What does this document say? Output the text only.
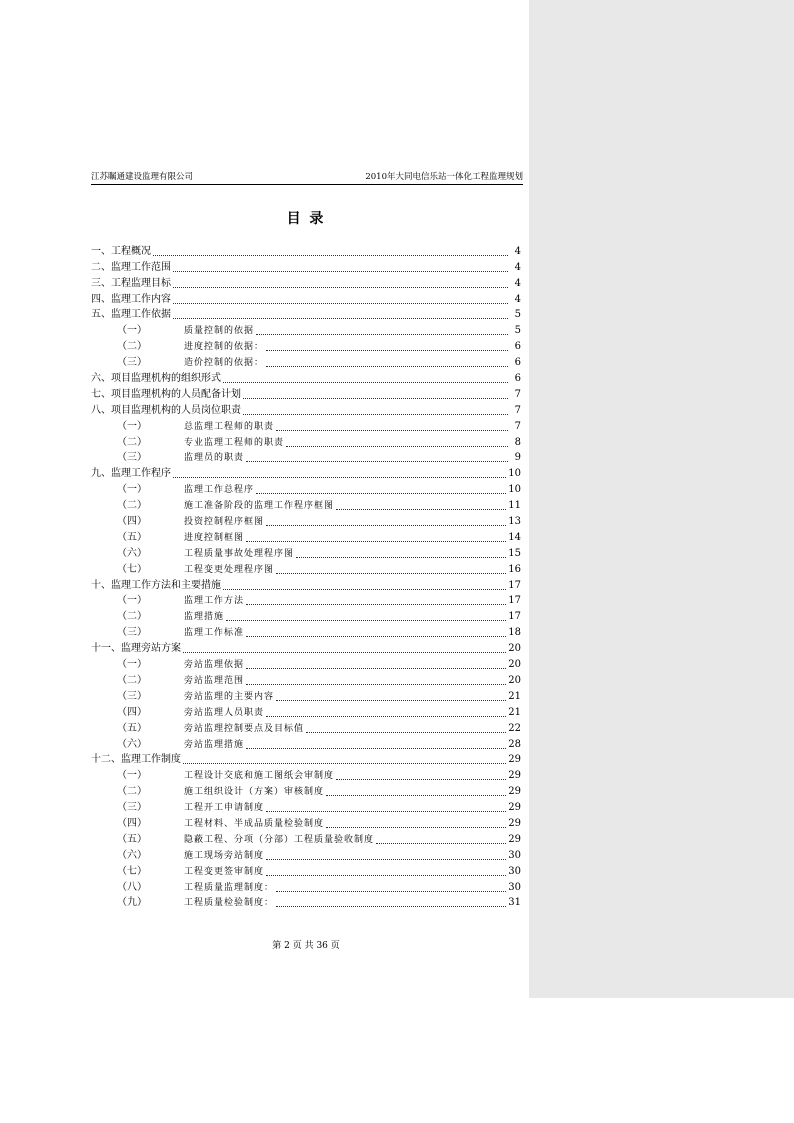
江苏瞩通建设监理有限公司	2010年大同电信乐站一体化工程监理规划
目 录
一、工程概况	4
二、监理工作范围	4
三、工程监理目标	4
四、监理工作内容	4
五、监理工作依据	5
（一）	质量控制的依据	5
（二）	进度控制的依据：	6
（三）	造价控制的依据：	6
六、项目监理机构的组织形式	6
七、项目监理机构的人员配备计划	7
八、项目监理机构的人员岗位职责	7
（一）	总监理工程师的职责	7
（二）	专业监理工程师的职责	8
（三）	监理员的职责	9
九、监理工作程序	10
（一）	监理工作总程序	10
（二）	施工准备阶段的监理工作程序框图	11
（四）	投资控制程序框图	13
（五）	进度控制框图	14
（六）	工程质量事故处理程序图	15
（七）	工程变更处理程序图	16
十、监理工作方法和主要措施	17
（一）	监理工作方法	17
（二）	监理措施	17
（三）	监理工作标准	18
十一、监理旁站方案	20
（一）	旁站监理依据	20
（二）	旁站监理范围	20
（三）	旁站监理的主要内容	21
（四）	旁站监理人员职责	21
（五）	旁站监理控制要点及目标值	22
（六）	旁站监理措施	28
十二、监理工作制度	29
（一）	工程设计交底和施工图纸会审制度	29
（二）	施工组织设计（方案）审核制度	29
（三）	工程开工申请制度	29
（四）	工程材料、半成品质量检验制度	29
（五）	隐蔽工程、分项（分部）工程质量验收制度	29
（六）	施工现场旁站制度	30
（七）	工程变更签审制度	30
（八）	工程质量监理制度：	30
（九）	工程质量检验制度：	31
第 2 页 共 36 页
